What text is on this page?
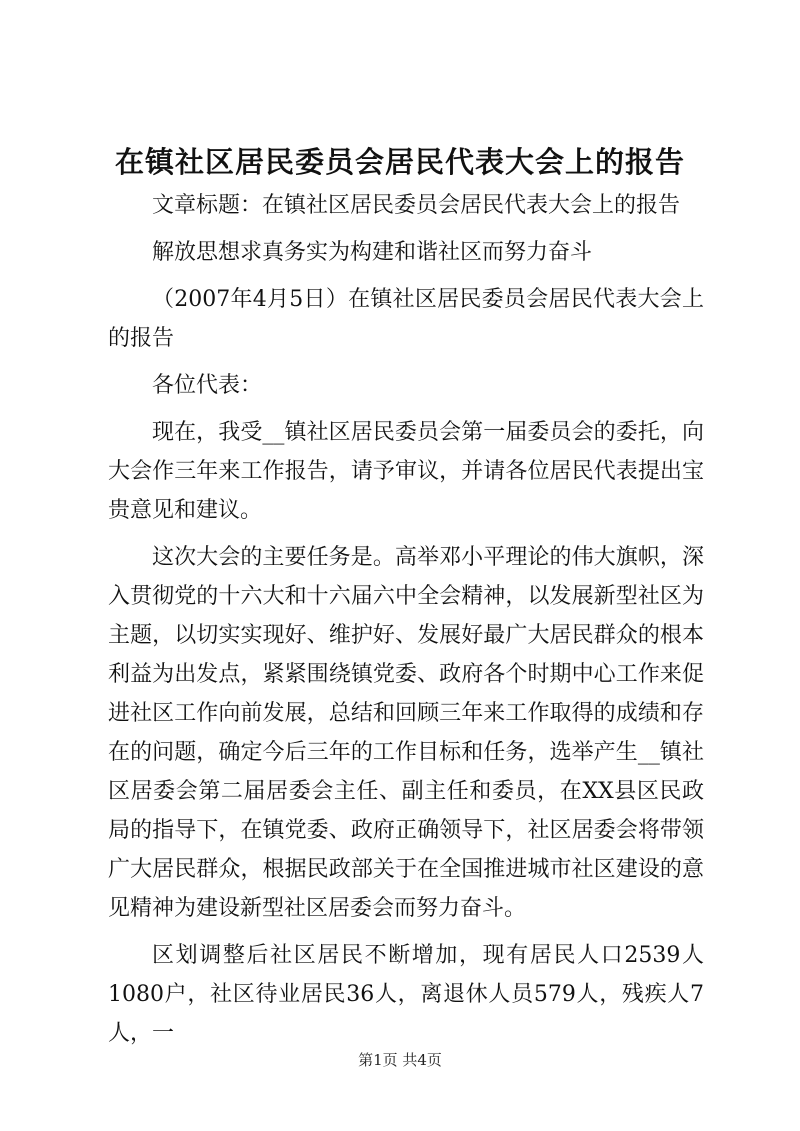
在镇社区居民委员会居民代表大会上的报告

文章标题：在镇社区居民委员会居民代表大会上的报告

解放思想求真务实为构建和谐社区而努力奋斗

（2007年4月5日）在镇社区居民委员会居民代表大会上的报告

各位代表：

现在，我受__镇社区居民委员会第一届委员会的委托，向大会作三年来工作报告，请予审议，并请各位居民代表提出宝贵意见和建议。

这次大会的主要任务是。高举邓小平理论的伟大旗帜，深入贯彻党的十六大和十六届六中全会精神，以发展新型社区为主题，以切实实现好、维护好、发展好最广大居民群众的根本利益为出发点，紧紧围绕镇党委、政府各个时期中心工作来促进社区工作向前发展，总结和回顾三年来工作取得的成绩和存在的问题，确定今后三年的工作目标和任务，选举产生__镇社区居委会第二届居委会主任、副主任和委员，在XX县区民政局的指导下，在镇党委、政府正确领导下，社区居委会将带领广大居民群众，根据民政部关于在全国推进城市社区建设的意见精神为建设新型社区居委会而努力奋斗。

区划调整后社区居民不断增加，现有居民人口2539人1080户，社区待业居民36人，离退休人员579人，残疾人7人，一

第1页 共4页
